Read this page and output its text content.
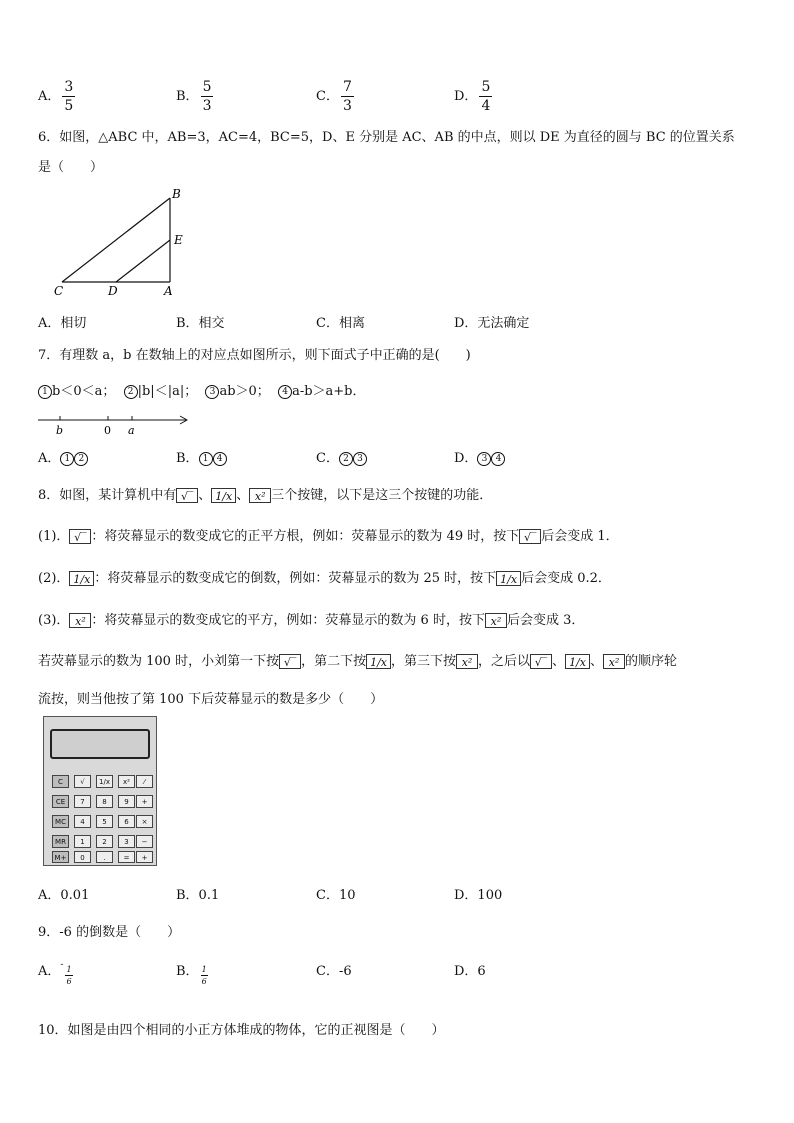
A． $\frac{3}{5}$	B． $\frac{5}{3}$	C． $\frac{7}{3}$	D． $\frac{5}{4}$
6．如图，△ABC 中，AB=3，AC=4，BC=5，D、E 分别是 AC、AB 的中点，则以 DE 为直径的圆与 BC 的位置关系
是（　　）
B
E
C	D	A
A．相切	B．相交	C．相离	D．无法确定
7．有理数 a，b 在数轴上的对应点如图所示，则下面式子中正确的是(　　)
1 b＜0＜a； 2 |b|＜|a|； 3 ab＞0； 4 a-b＞a+b．
b	0 a
A． 1 2	B． 1 4	C． 2 3	D． 3 4
8．如图，某计算机中有 √‾ 、 1/x 、 x² 三个按键，以下是这三个按键的功能．
(1)． √‾ ：将荧幕显示的数变成它的正平方根，例如：荧幕显示的数为 49 时，按下 √‾ 后会变成 1．
(2)． 1/x ：将荧幕显示的数变成它的倒数，例如：荧幕显示的数为 25 时，按下 1/x 后会变成 0.2．
(3)． x² ：将荧幕显示的数变成它的平方，例如：荧幕显示的数为 6 时，按下 x² 后会变成 3．
若荧幕显示的数为 100 时，小刘第一下按 √‾ ，第二下按 1/x ，第三下按 x² ，之后以 √‾ 、 1/x 、 x² 的顺序轮
流按，则当他按了第 100 下后荧幕显示的数是多少（　　）
C	√	1/x	x²	⁄
CE	7	8	9	+
MC	4	5	6	×
MR	1	2	3	−
M+	0	.	=	+
A．0.01	B．0.1	C．10	D．100
9．-6 的倒数是（　　）
A．-
$\frac{1}{6}$	B． $\frac{1}{6}$	C．-6	D．6
10．如图是由四个相同的小正方体堆成的物体，它的正视图是（　　）
